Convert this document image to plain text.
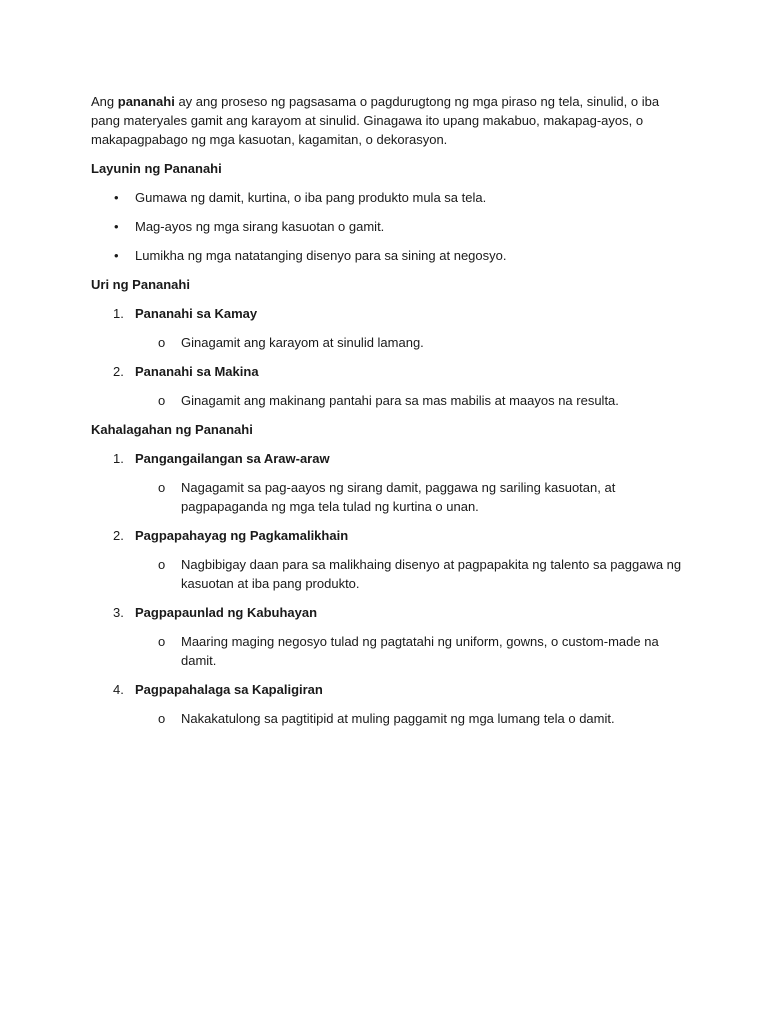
Ang pananahi ay ang proseso ng pagsasama o pagdurugtong ng mga piraso ng tela, sinulid, o iba pang materyales gamit ang karayom at sinulid. Ginagawa ito upang makabuo, makapag-ayos, o makapagpabago ng mga kasuotan, kagamitan, o dekorasyon.

Layunin ng Pananahi

• Gumawa ng damit, kurtina, o iba pang produkto mula sa tela.
• Mag-ayos ng mga sirang kasuotan o gamit.
• Lumikha ng mga natatanging disenyo para sa sining at negosyo.

Uri ng Pananahi

1. Pananahi sa Kamay
o Ginagamit ang karayom at sinulid lamang.
2. Pananahi sa Makina
o Ginagamit ang makinang pantahi para sa mas mabilis at maayos na resulta.

Kahalagahan ng Pananahi

1. Pangangailangan sa Araw-araw
o Nagagamit sa pag-aayos ng sirang damit, paggawa ng sariling kasuotan, at pagpapaganda ng mga tela tulad ng kurtina o unan.
2. Pagpapahayag ng Pagkamalikhain
o Nagbibigay daan para sa malikhaing disenyo at pagpapakita ng talento sa paggawa ng kasuotan at iba pang produkto.
3. Pagpapaunlad ng Kabuhayan
o Maaring maging negosyo tulad ng pagtatahi ng uniform, gowns, o custom-made na damit.
4. Pagpapahalaga sa Kapaligiran
o Nakakatulong sa pagtitipid at muling paggamit ng mga lumang tela o damit.
